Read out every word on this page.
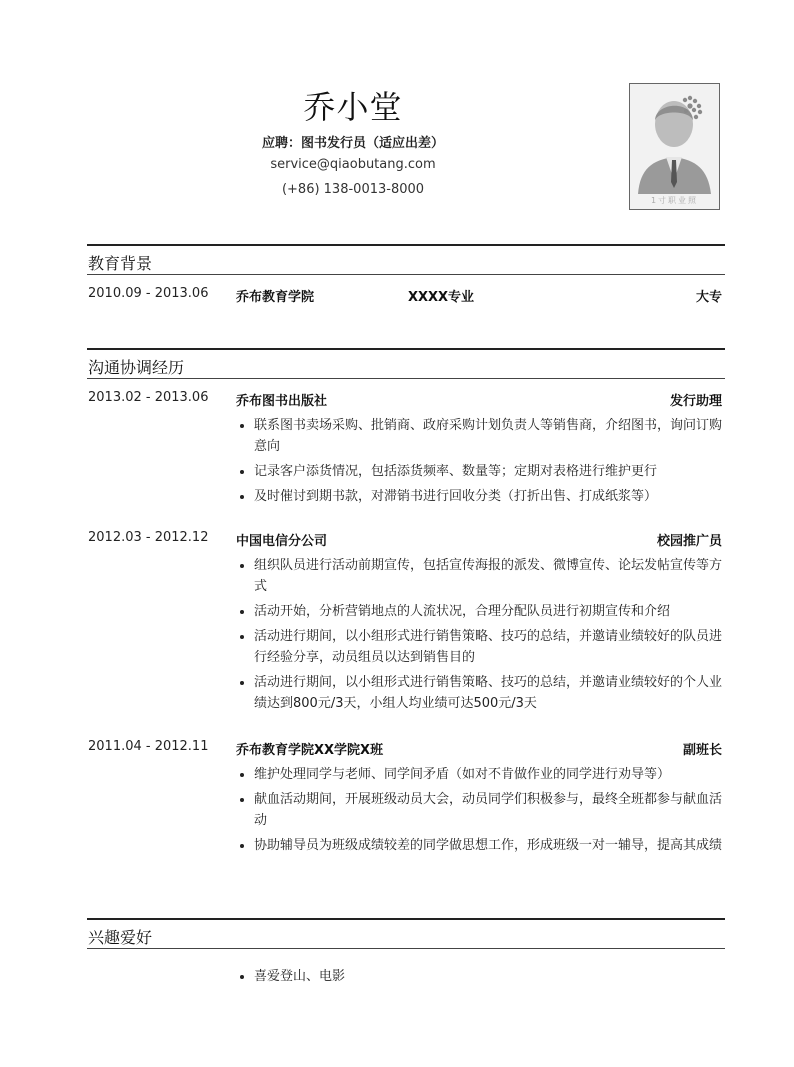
乔小堂
应聘：图书发行员（适应出差）
service@qiaobutang.com
(+86) 138-0013-8000
1寸职业照
教育背景
2010.09 - 2013.06 乔布教育学院	XXXX专业	大专
沟通协调经历
2013.02 - 2013.06 乔布图书出版社	发行助理
联系图书卖场采购、批销商、政府采购计划负责人等销售商，介绍图书，询问订购意向
记录客户添货情况，包括添货频率、数量等；定期对表格进行维护更行
及时催讨到期书款，对滞销书进行回收分类（打折出售、打成纸浆等）
2012.03 - 2012.12 中国电信分公司	校园推广员
组织队员进行活动前期宣传，包括宣传海报的派发、微博宣传、论坛发帖宣传等方式
活动开始，分析营销地点的人流状况，合理分配队员进行初期宣传和介绍
活动进行期间，以小组形式进行销售策略、技巧的总结，并邀请业绩较好的队员进行经验分享，动员组员以达到销售目的
活动进行期间，以小组形式进行销售策略、技巧的总结，并邀请业绩较好的个人业绩达到800元/3天，小组人均业绩可达500元/3天
2011.04 - 2012.11 乔布教育学院XX学院X班	副班长
维护处理同学与老师、同学间矛盾（如对不肯做作业的同学进行劝导等）
献血活动期间，开展班级动员大会，动员同学们积极参与，最终全班都参与献血活动
协助辅导员为班级成绩较差的同学做思想工作，形成班级一对一辅导，提高其成绩
兴趣爱好
喜爱登山、电影
